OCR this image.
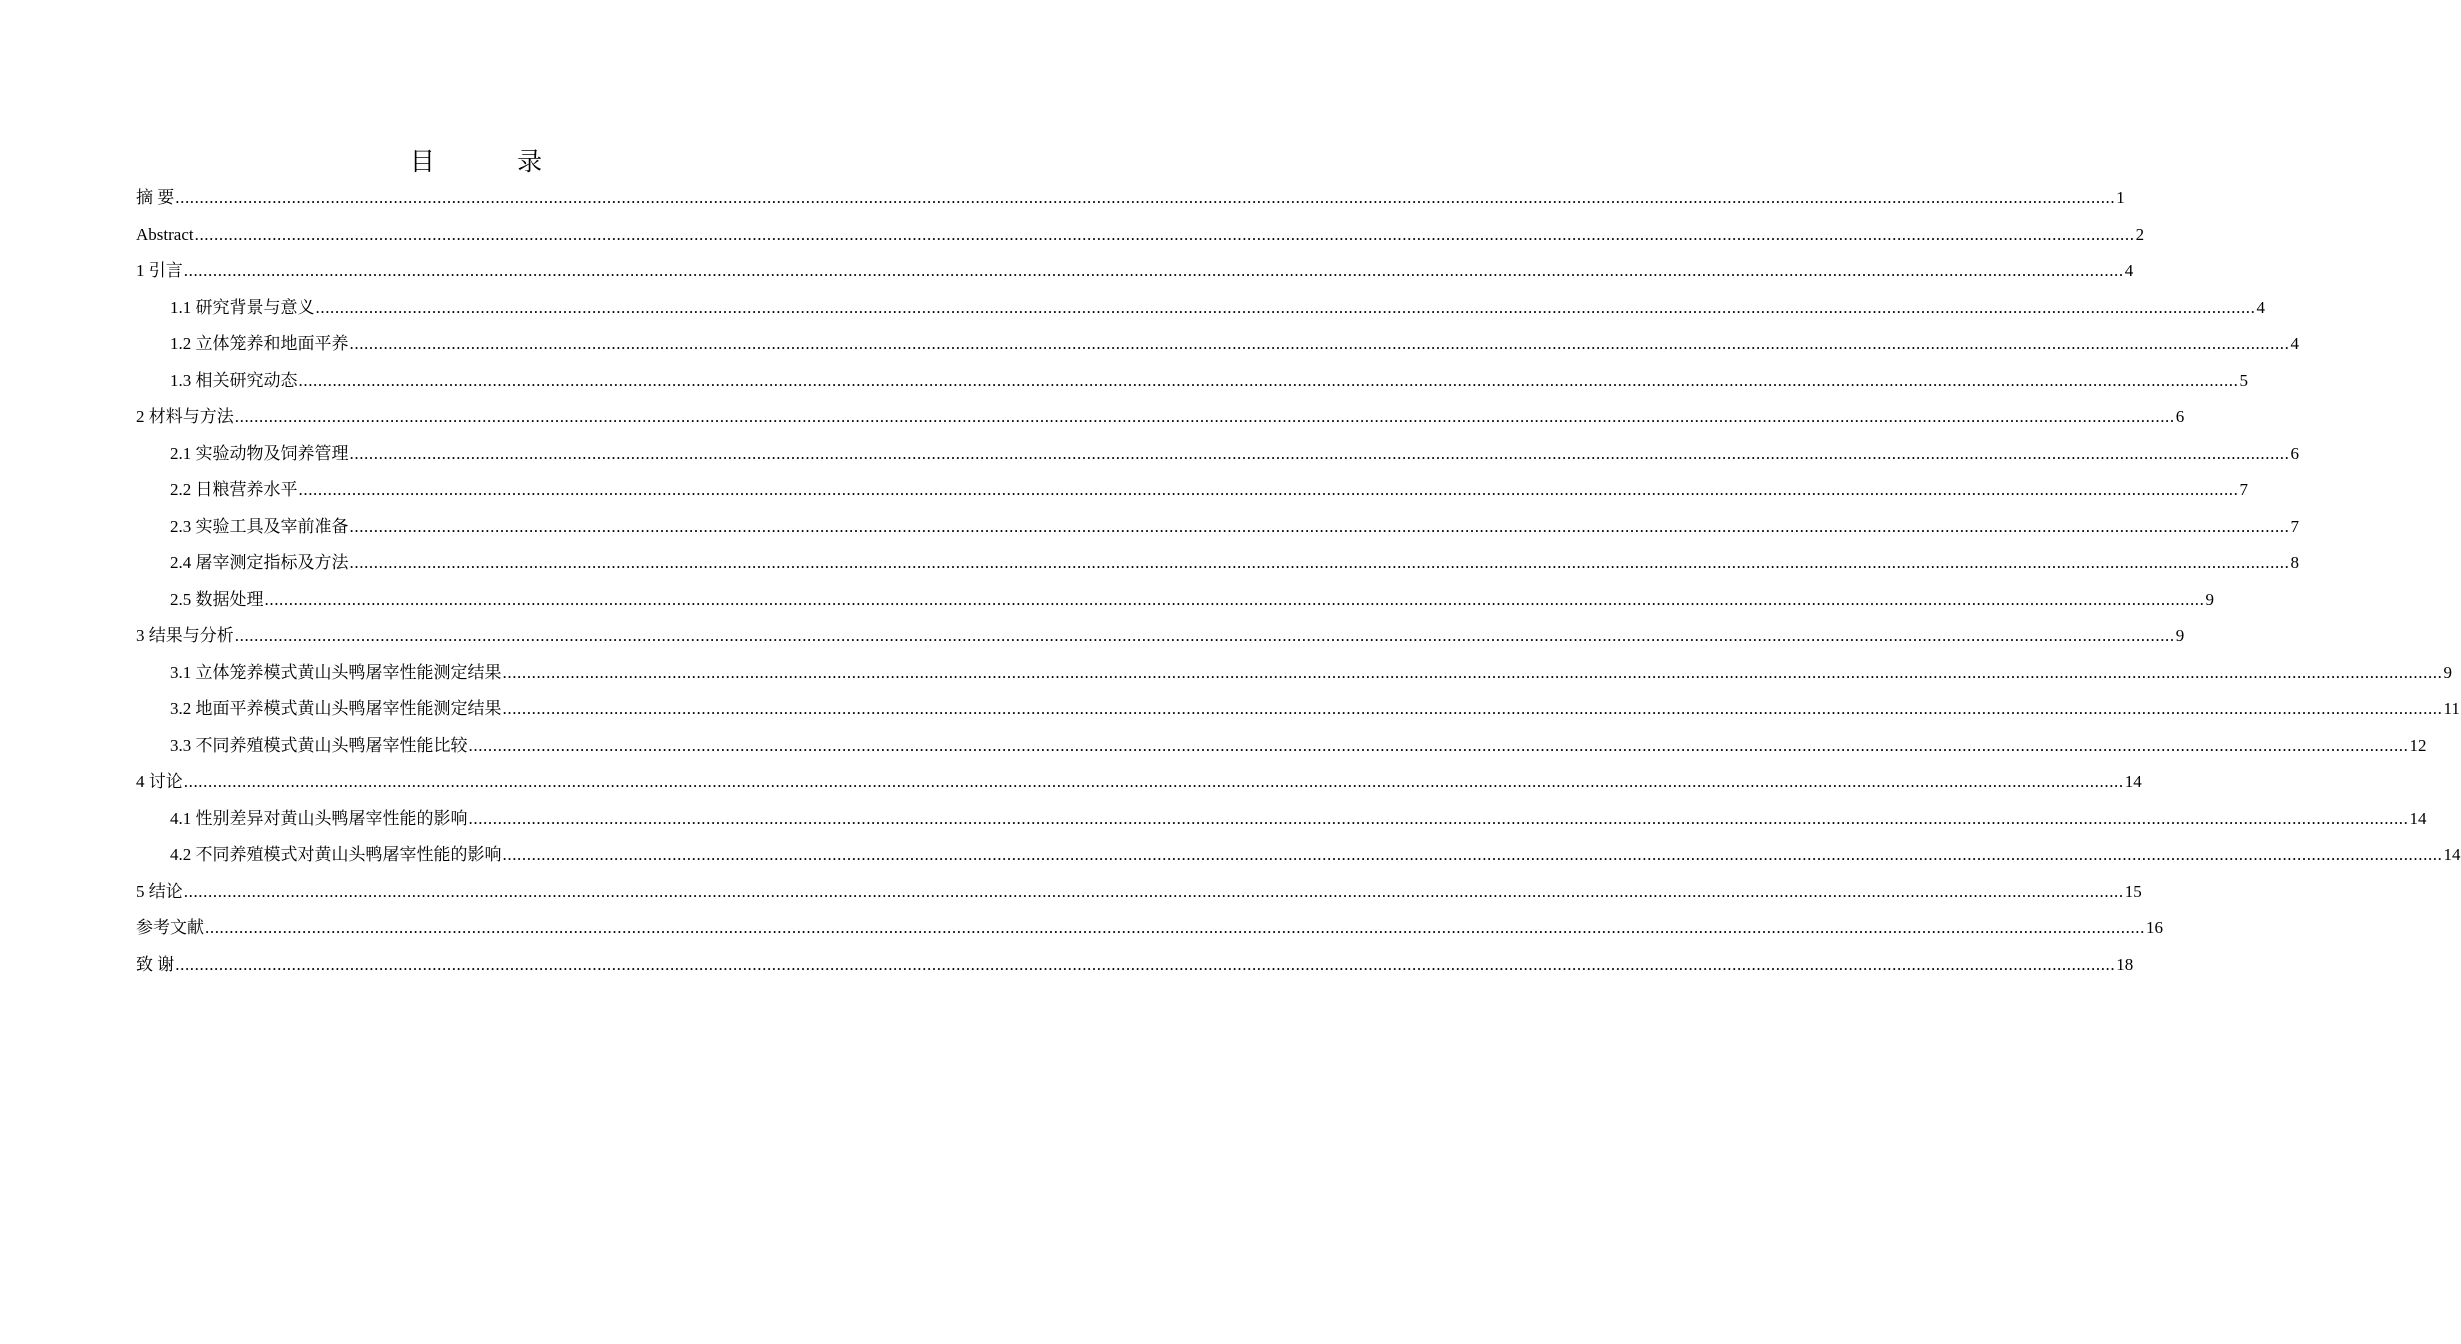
目 录
摘 要 ................................................................................................................................................................................................................................................................................................................................................................................................................ 1
Abstract ................................................................................................................................................................................................................................................................................................................................................................................................................ 2
1 引言 ................................................................................................................................................................................................................................................................................................................................................................................................................ 4
1.1 研究背景与意义 ................................................................................................................................................................................................................................................................................................................................................................................................................ 4
1.2 立体笼养和地面平养 ................................................................................................................................................................................................................................................................................................................................................................................................................ 4
1.3 相关研究动态 ................................................................................................................................................................................................................................................................................................................................................................................................................ 5
2 材料与方法 ................................................................................................................................................................................................................................................................................................................................................................................................................ 6
2.1 实验动物及饲养管理 ................................................................................................................................................................................................................................................................................................................................................................................................................ 6
2.2 日粮营养水平 ................................................................................................................................................................................................................................................................................................................................................................................................................ 7
2.3 实验工具及宰前准备 ................................................................................................................................................................................................................................................................................................................................................................................................................ 7
2.4 屠宰测定指标及方法 ................................................................................................................................................................................................................................................................................................................................................................................................................ 8
2.5 数据处理 ................................................................................................................................................................................................................................................................................................................................................................................................................ 9
3 结果与分析 ................................................................................................................................................................................................................................................................................................................................................................................................................ 9
3.1 立体笼养模式黄山头鸭屠宰性能测定结果 ................................................................................................................................................................................................................................................................................................................................................................................................................ 9
3.2 地面平养模式黄山头鸭屠宰性能测定结果 ................................................................................................................................................................................................................................................................................................................................................................................................................ 11
3.3 不同养殖模式黄山头鸭屠宰性能比较 ................................................................................................................................................................................................................................................................................................................................................................................................................ 12
4 讨论 ................................................................................................................................................................................................................................................................................................................................................................................................................ 14
4.1 性别差异对黄山头鸭屠宰性能的影响 ................................................................................................................................................................................................................................................................................................................................................................................................................ 14
4.2 不同养殖模式对黄山头鸭屠宰性能的影响 ................................................................................................................................................................................................................................................................................................................................................................................................................ 14
5 结论 ................................................................................................................................................................................................................................................................................................................................................................................................................ 15
参考文献 ................................................................................................................................................................................................................................................................................................................................................................................................................ 16
致 谢 ................................................................................................................................................................................................................................................................................................................................................................................................................ 18
